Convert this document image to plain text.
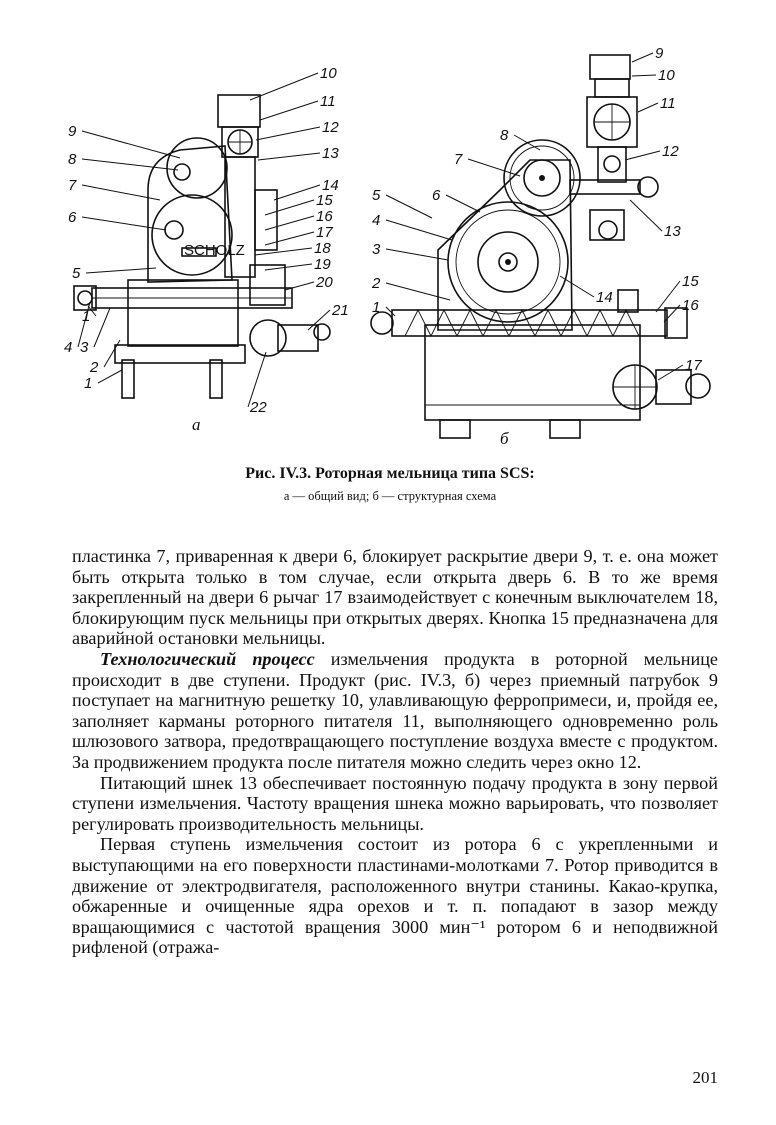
SCHOLZ
а
10
11
12
13
14
15
16
17
18
19
20
21
22
9
8
7
6
5
1
4 3
2
1
б
9
10
11
12
13
8
7
6
5
4
3
2
1
14
15
16
17
Рис. IV.3. Роторная мельница типа SCS:
а — общий вид; б — структурная схема

пластинка 7, приваренная к двери 6, блокирует раскрытие двери 9, т. е. она может быть открыта только в том случае, если открыта дверь 6. В то же время закрепленный на двери 6 рычаг 17 взаимодействует с конечным выключателем 18, блокирующим пуск мельницы при открытых дверях. Кнопка 15 предназначена для аварийной остановки мельницы.

Технологический процесс измельчения продукта в роторной мельнице происходит в две ступени. Продукт (рис. IV.3, б) через приемный патрубок 9 поступает на магнитную решетку 10, улавливающую ферропримеси, и, пройдя ее, заполняет карманы роторного питателя 11, выполняющего одновременно роль шлюзового затвора, предотвращающего поступление воздуха вместе с продуктом. За продвижением продукта после питателя можно следить через окно 12.

Питающий шнек 13 обеспечивает постоянную подачу продукта в зону первой ступени измельчения. Частоту вращения шнека можно варьировать, что позволяет регулировать производительность мельницы.

Первая ступень измельчения состоит из ротора 6 с укрепленными и выступающими на его поверхности пластинами-молотками 7. Ротор приводится в движение от электродвигателя, расположенного внутри станины. Какао-крупка, обжаренные и очищенные ядра орехов и т. п. попадают в зазор между вращающимися с частотой вращения 3000 мин⁻¹ ротором 6 и неподвижной рифленой (отража-

201
